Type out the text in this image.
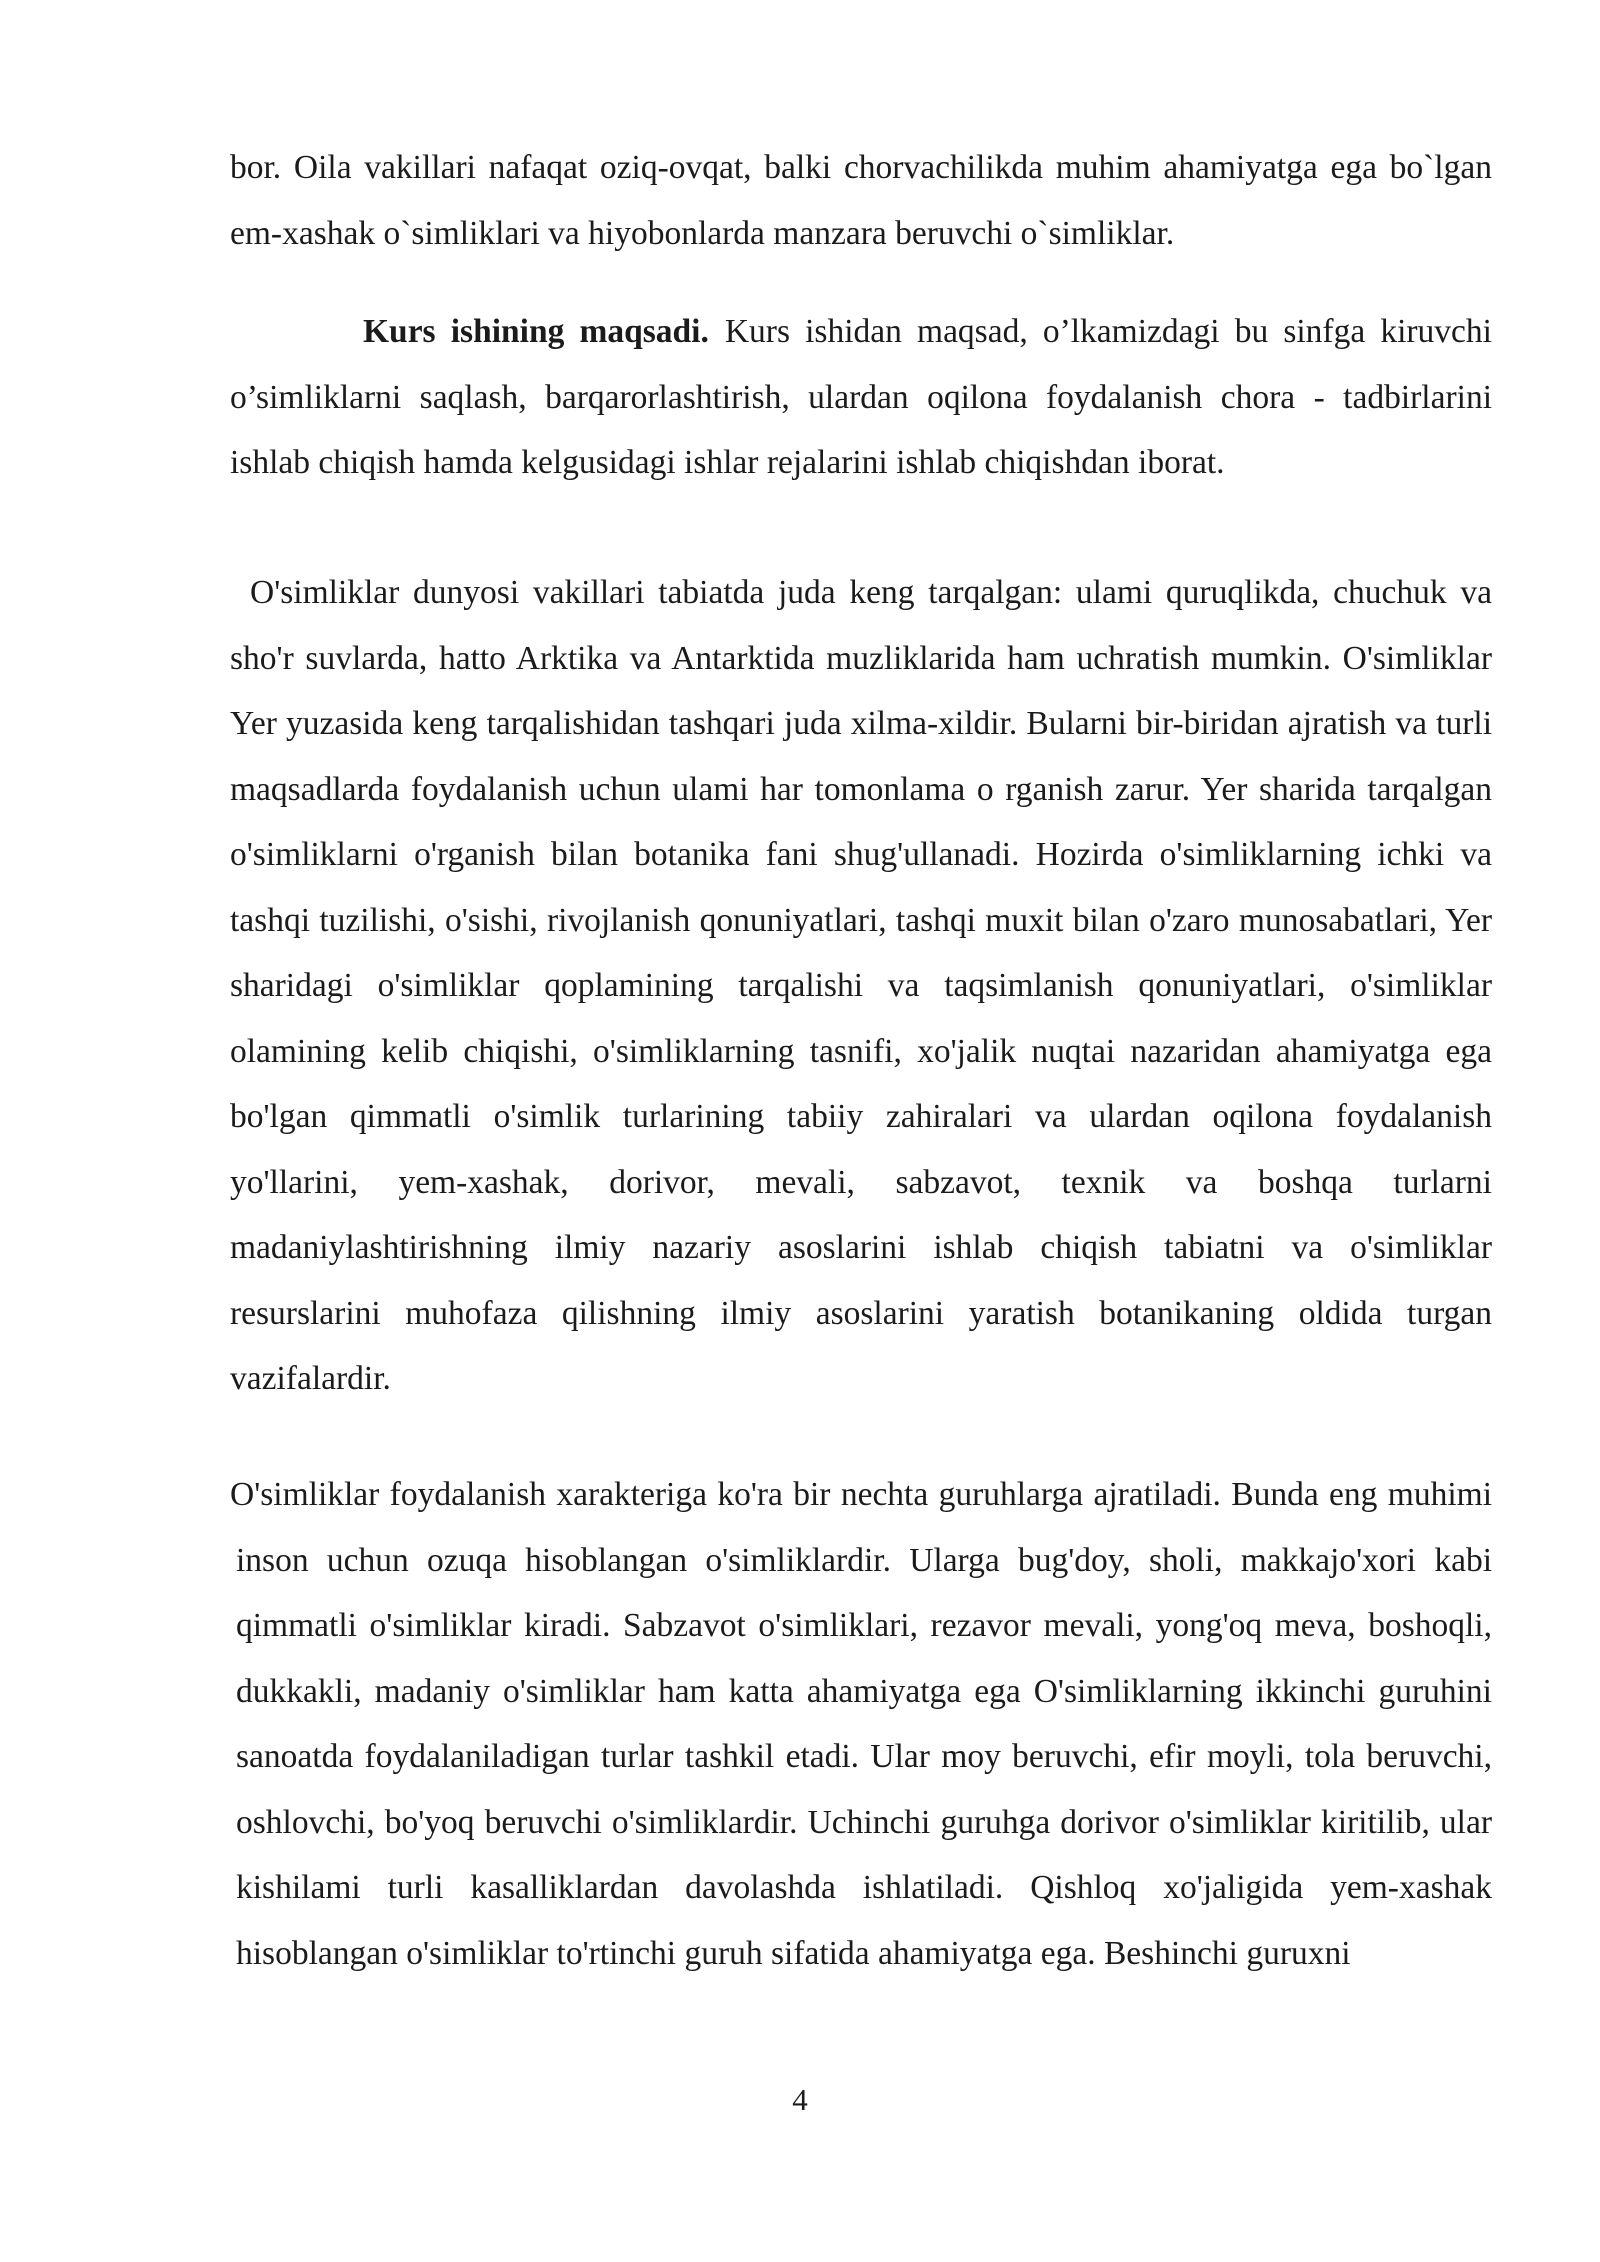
bor. Oila vakillari nafaqat oziq-ovqat, balki chorvachilikda muhim ahamiyatga ega bo`lgan em-xashak o`simliklari va hiyobonlarda manzara beruvchi o`simliklar.

Kurs ishining maqsadi. Kurs ishidan maqsad, o’lkamizdagi bu sinfga kiruvchi o’simliklarni saqlash, barqarorlashtirish, ulardan oqilona foydalanish chora - tadbirlarini ishlab chiqish hamda kelgusidagi ishlar rejalarini ishlab chiqishdan iborat.

O'simliklar dunyosi vakillari tabiatda juda keng tarqalgan: ulami quruqlikda, chuchuk va sho'r suvlarda, hatto Arktika va Antarktida muzliklarida ham uchratish mumkin. O'simliklar Yer yuzasida keng tarqalishidan tashqari juda xilma-xildir. Bularni bir-biridan ajratish va turli maqsadlarda foydalanish uchun ulami har tomonlama o rganish zarur. Yer sharida tarqalgan o'simliklarni o'rganish bilan botanika fani shug'ullanadi. Hozirda o'simliklarning ichki va tashqi tuzilishi, o'sishi, rivojlanish qonuniyatlari, tashqi muxit bilan o'zaro munosabatlari, Yer sharidagi o'simliklar qoplamining tarqalishi va taqsimlanish qonuniyatlari, o'simliklar olamining kelib chiqishi, o'simliklarning tasnifi, xo'jalik nuqtai nazaridan ahamiyatga ega bo'lgan qimmatli o'simlik turlarining tabiiy zahiralari va ulardan oqilona foydalanish yo'llarini, yem-xashak, dorivor, mevali, sabzavot, texnik va boshqa turlarni madaniylashtirishning ilmiy nazariy asoslarini ishlab chiqish tabiatni va o'simliklar resurslarini muhofaza qilishning ilmiy asoslarini yaratish botanikaning oldida turgan vazifalardir.

O'simliklar foydalanish xarakteriga ko'ra bir nechta guruhlarga ajratiladi. Bunda eng muhimi inson uchun ozuqa hisoblangan o'simliklardir. Ularga bug'doy, sholi, makkajo'xori kabi qimmatli o'simliklar kiradi. Sabzavot o'simliklari, rezavor mevali, yong'oq meva, boshoqli, dukkakli, madaniy o'simliklar ham katta ahamiyatga ega O'simliklarning ikkinchi guruhini sanoatda foydalaniladigan turlar tashkil etadi. Ular moy beruvchi, efir moyli, tola beruvchi, oshlovchi, bo'yoq beruvchi o'simliklardir. Uchinchi guruhga dorivor o'simliklar kiritilib, ular kishilami turli kasalliklardan davolashda ishlatiladi. Qishloq xo'jaligida yem-xashak hisoblangan o'simliklar to'rtinchi guruh sifatida ahamiyatga ega. Beshinchi guruxni

4
